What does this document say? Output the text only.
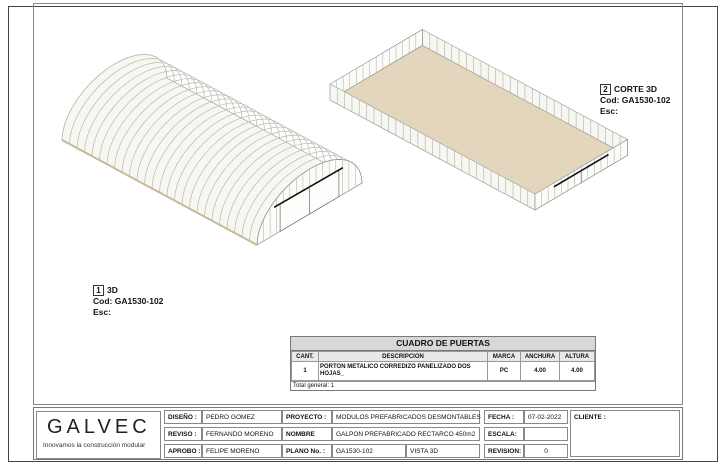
1 3D
Cod: GA1530-102
Esc:
2 CORTE 3D
Cod: GA1530-102
Esc:
CUADRO DE PUERTAS
CANT.	DESCRIPCION	MARCA	ANCHURA	ALTURA
1	PORTON METALICO CORREDIZO PANELIZADO DOS HOJAS_	PC	4.00	4.00
Total general: 1
GALVEC
Innovamos la construcción modular
DISEÑO :	PEDRO GOMEZ
REVISO :	FERNANDO MORENO
APROBO : FELIPE MORENO
PROYECTO :	MODULOS PREFABRICADOS DESMONTABLES
NOMBRE	GALPON PREFABRICADO RECTARCO 450m2
PLANO No. :	GA1530-102	VISTA 3D
FECHA :	07-02-2022
ESCALA:
REVISION:	0
CLIENTE :
